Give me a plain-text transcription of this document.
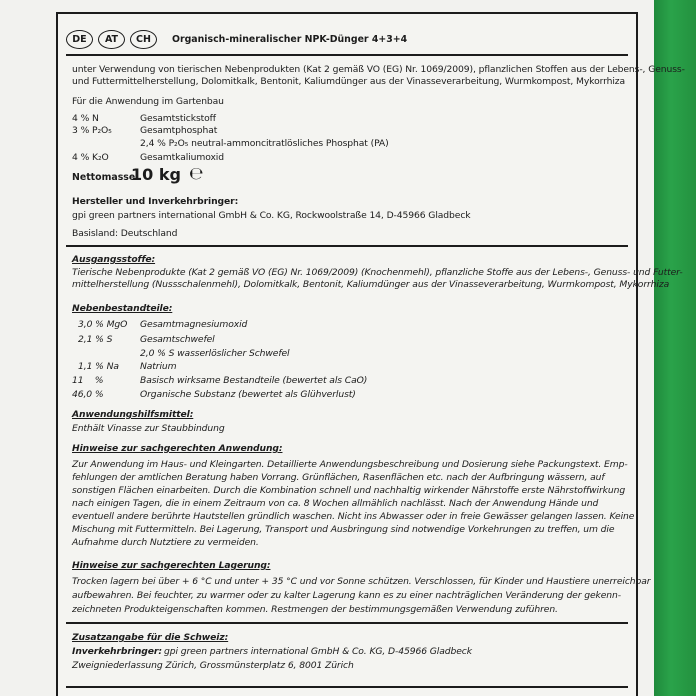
DE AT CH Organisch-mineralischer NPK-Dünger 4+3+4
unter Verwendung von tierischen Nebenprodukten (Kat 2 gemäß VO (EG) Nr. 1069/2009), pflanzlichen Stoffen aus der Lebens-, Genuss-
und Futtermittelherstellung, Dolomitkalk, Bentonit, Kaliumdünger aus der Vinasseverarbeitung, Wurmkompost, Mykorrhiza
Für die Anwendung im Gartenbau
4 % N	Gesamtstickstoff
3 % P₂O₅	Gesamtphosphat
2,4 % P₂O₅ neutral-ammoncitratlösliches Phosphat (PA)
4 % K₂O	Gesamtkaliumoxid
Nettomasse:
10 kg ℮
Hersteller und Inverkehrbringer:
gpi green partners international GmbH & Co. KG, Rockwoolstraße 14, D-45966 Gladbeck
Basisland: Deutschland
Ausgangsstoffe:
Tierische Nebenprodukte (Kat 2 gemäß VO (EG) Nr. 1069/2009) (Knochenmehl), pflanzliche Stoffe aus der Lebens-, Genuss- und Futter-
mittelherstellung (Nussschalenmehl), Dolomitkalk, Bentonit, Kaliumdünger aus der Vinasseverarbeitung, Wurmkompost, Mykorrhiza
Nebenbestandteile:
3,0 % MgO Gesamtmagnesiumoxid
2,1 % S	Gesamtschwefel
2,0 % S wasserlöslicher Schwefel
1,1 % Na Natrium
11    %	Basisch wirksame Bestandteile (bewertet als CaO)
46,0 %	Organische Substanz (bewertet als Glühverlust)
Anwendungshilfsmittel:
Enthält Vinasse zur Staubbindung
Hinweise zur sachgerechten Anwendung:
Zur Anwendung im Haus- und Kleingarten. Detaillierte Anwendungsbeschreibung und Dosierung siehe Packungstext. Emp-
fehlungen der amtlichen Beratung haben Vorrang. Grünflächen, Rasenflächen etc. nach der Aufbringung wässern, auf
sonstigen Flächen einarbeiten. Durch die Kombination schnell und nachhaltig wirkender Nährstoffe erste Nährstoffwirkung
nach einigen Tagen, die in einem Zeitraum von ca. 8 Wochen allmählich nachlässt. Nach der Anwendung Hände und
eventuell andere berührte Hautstellen gründlich waschen. Nicht ins Abwasser oder in freie Gewässer gelangen lassen. Keine
Mischung mit Futtermitteln. Bei Lagerung, Transport und Ausbringung sind notwendige Vorkehrungen zu treffen, um die
Aufnahme durch Nutztiere zu vermeiden.
Hinweise zur sachgerechten Lagerung:
Trocken lagern bei über + 6 °C und unter + 35 °C und vor Sonne schützen. Verschlossen, für Kinder und Haustiere unerreichbar
aufbewahren. Bei feuchter, zu warmer oder zu kalter Lagerung kann es zu einer nachträglichen Veränderung der gekenn-
zeichneten Produkteigenschaften kommen. Restmengen der bestimmungsgemäßen Verwendung zuführen.
Zusatzangabe für die Schweiz:
Inverkehrbringer: gpi green partners international GmbH & Co. KG, D-45966 Gladbeck
Zweigniederlassung Zürich, Grossmünsterplatz 6, 8001 Zürich
